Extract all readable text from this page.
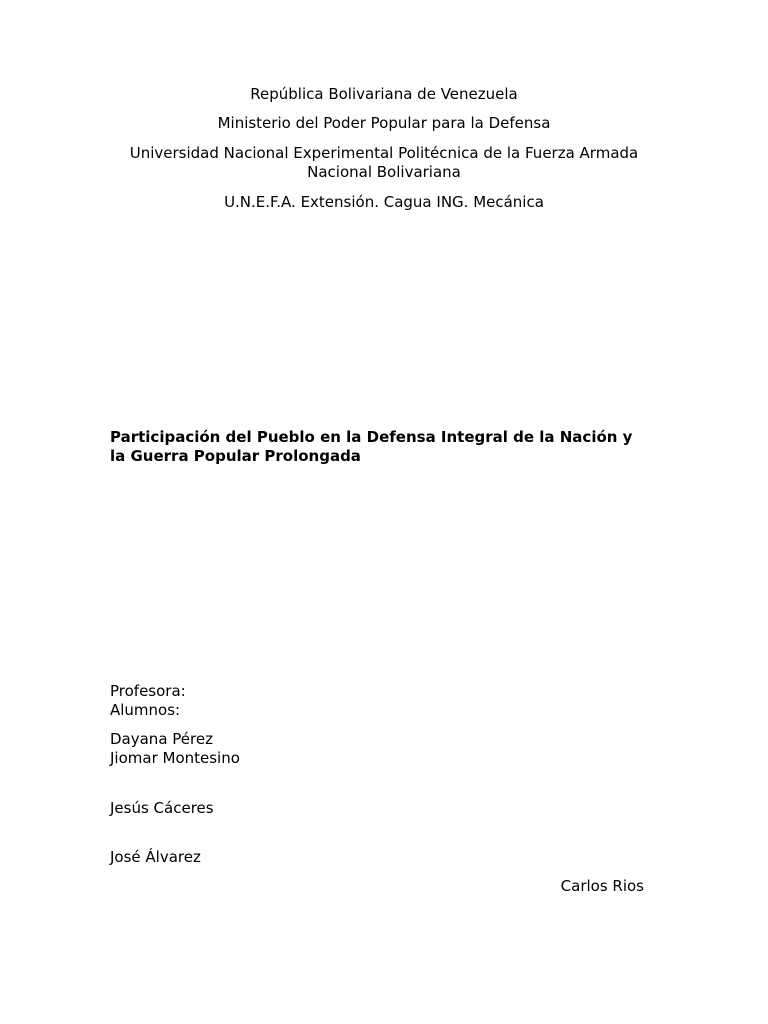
República Bolivariana de Venezuela
Ministerio del Poder Popular para la Defensa
Universidad Nacional Experimental Politécnica de la Fuerza Armada
Nacional Bolivariana
U.N.E.F.A. Extensión. Cagua ING. Mecánica
Participación del Pueblo en la Defensa Integral de la Nación y
la Guerra Popular Prolongada
Profesora:
Alumnos:
Dayana Pérez
Jiomar Montesino
Jesús Cáceres
José Álvarez
Carlos Rios
